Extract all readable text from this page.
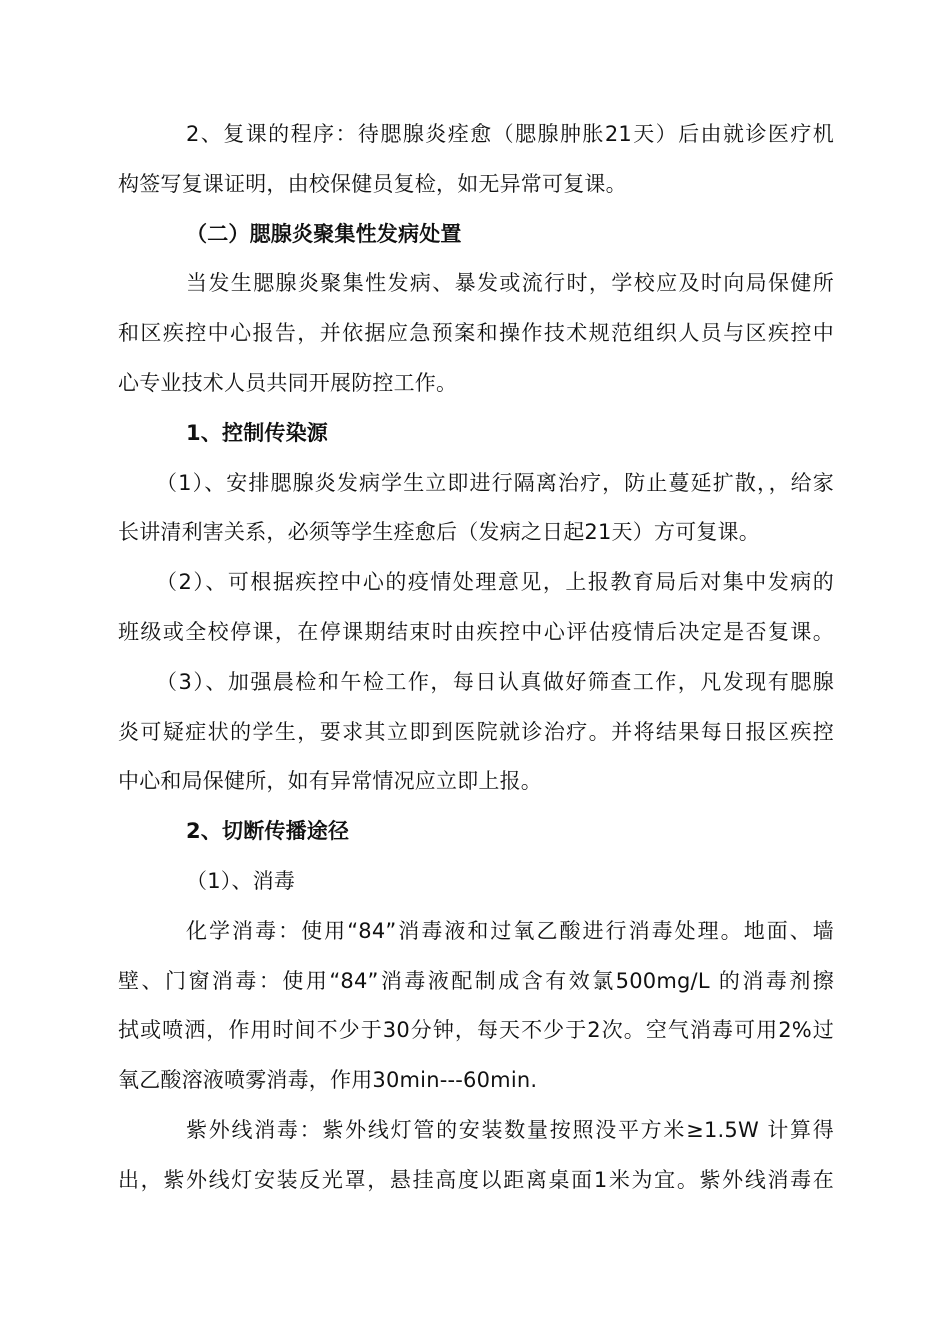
2、复课的程序：待腮腺炎痊愈（腮腺肿胀21天）后由就诊医疗机
构签写复课证明，由校保健员复检，如无异常可复课。
（二）腮腺炎聚集性发病处置
当发生腮腺炎聚集性发病、暴发或流行时，学校应及时向局保健所
和区疾控中心报告，并依据应急预案和操作技术规范组织人员与区疾控中
心专业技术人员共同开展防控工作。
1、控制传染源
（1）、安排腮腺炎发病学生立即进行隔离治疗，防止蔓延扩散，，给家
长讲清利害关系，必须等学生痊愈后（发病之日起21天）方可复课。
（2）、可根据疾控中心的疫情处理意见，上报教育局后对集中发病的
班级或全校停课，在停课期结束时由疾控中心评估疫情后决定是否复课。
（3）、加强晨检和午检工作，每日认真做好筛查工作，凡发现有腮腺
炎可疑症状的学生，要求其立即到医院就诊治疗。并将结果每日报区疾控
中心和局保健所，如有异常情况应立即上报。
2、切断传播途径
（1）、消毒
化学消毒：使用“84”消毒液和过氧乙酸进行消毒处理。地面、墙
壁、门窗消毒：使用“84”消毒液配制成含有效氯500mg/L 的消毒剂擦
拭或喷洒，作用时间不少于30分钟，每天不少于2次。空气消毒可用2%过
氧乙酸溶液喷雾消毒，作用30min---60min.
紫外线消毒：紫外线灯管的安装数量按照没平方米≥1.5W 计算得
出，紫外线灯安装反光罩，悬挂高度以距离桌面1米为宜。紫外线消毒在
